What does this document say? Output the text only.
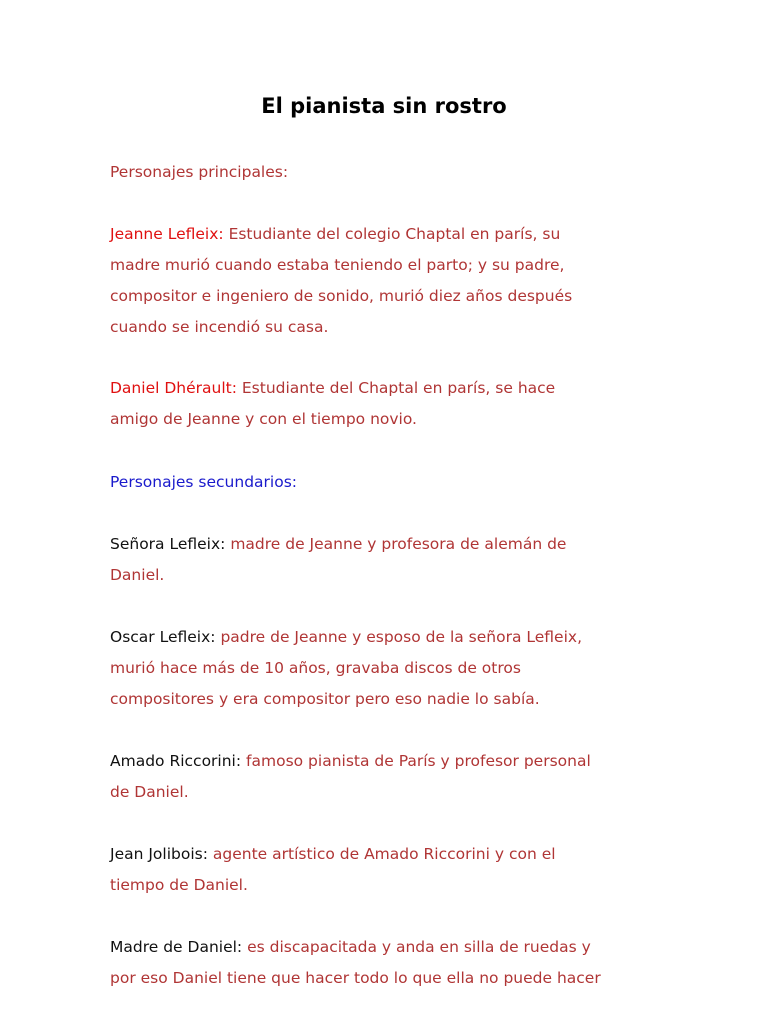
El pianista sin rostro

Personajes principales:

Jeanne Lefleix: Estudiante del colegio Chaptal en parís, su
madre murió cuando estaba teniendo el parto; y su padre,
compositor e ingeniero de sonido, murió diez años después
cuando se incendió su casa.

Daniel Dhérault: Estudiante del Chaptal en parís, se hace
amigo de Jeanne y con el tiempo novio.

Personajes secundarios:

Señora Lefleix: madre de Jeanne y profesora de alemán de
Daniel.

Oscar Lefleix: padre de Jeanne y esposo de la señora Lefleix,
murió hace más de 10 años, gravaba discos de otros
compositores y era compositor pero eso nadie lo sabía.

Amado Riccorini: famoso pianista de París y profesor personal
de Daniel.

Jean Jolibois: agente artístico de Amado Riccorini y con el
tiempo de Daniel.

Madre de Daniel: es discapacitada y anda en silla de ruedas y
por eso Daniel tiene que hacer todo lo que ella no puede hacer
